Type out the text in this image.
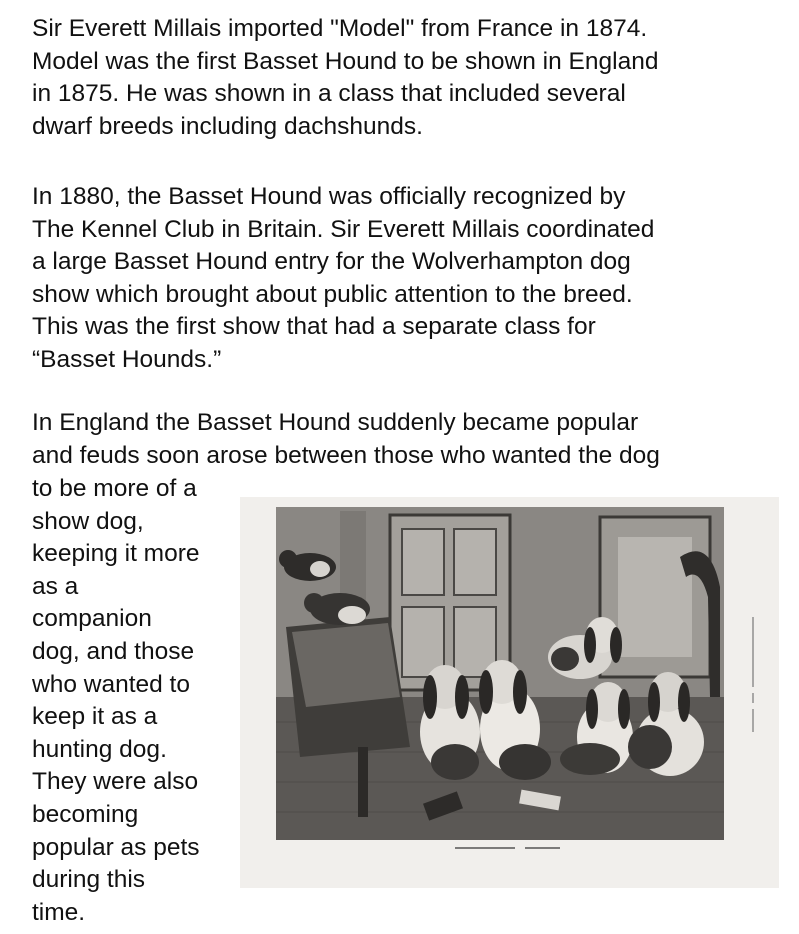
Sir Everett Millais imported "Model" from France in 1874.
Model was the first Basset Hound to be shown in England
in 1875. He was shown in a class that included several
dwarf breeds including dachshunds.
In 1880, the Basset Hound was officially recognized by
The Kennel Club in Britain. Sir Everett Millais coordinated
a large Basset Hound entry for the Wolverhampton dog
show which brought about public attention to the breed.
This was the first show that had a separate class for
“Basset Hounds.”
In England the Basset Hound suddenly became popular
and feuds soon arose between those who wanted the dog
to be more of a
show dog,
keeping it more
as a
companion
dog, and those
who wanted to
keep it as a
hunting dog.
They were also
becoming
popular as pets
during this
time.
